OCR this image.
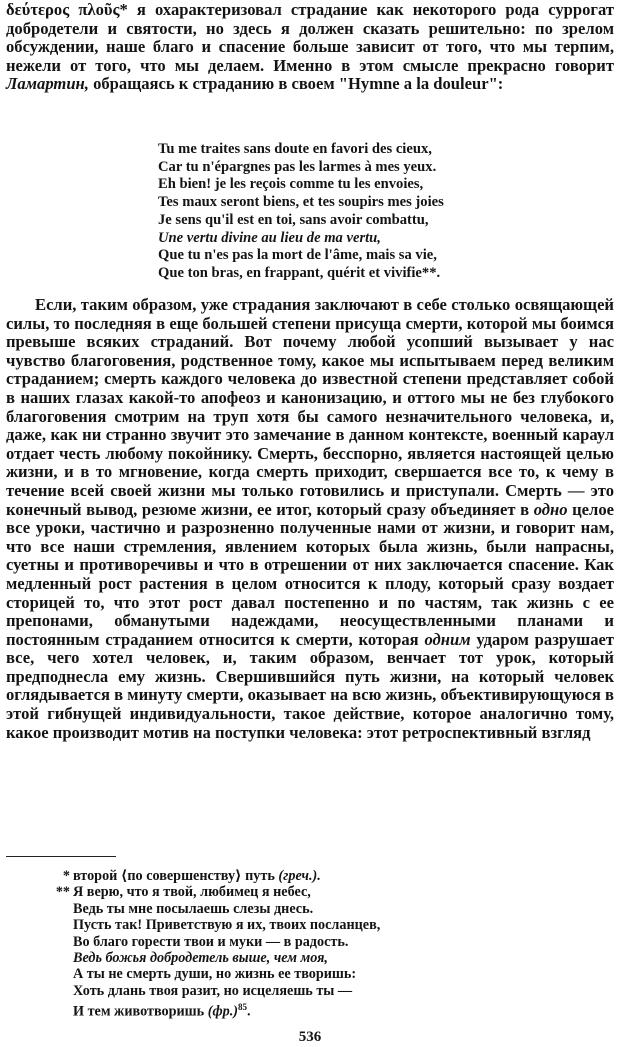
δεύτερος πλοῦς* я охарактеризовал страдание как некоторого рода суррогат добродетели и святости, но здесь я должен сказать решительно: по зрелом обсуждении, наше благо и спасение больше зависит от того, что мы терпим, нежели от того, что мы делаем. Именно в этом смысле прекрасно говорит Ламартин, обращаясь к страданию в своем "Hymne a la douleur":

Tu me traites sans doute en favori des cieux,
Car tu n'épargnes pas les larmes à mes yeux.
Eh bien! je les reçois comme tu les envoies,
Tes maux seront biens, et tes soupirs mes joies
Je sens qu'il est en toi, sans avoir combattu,
Une vertu divine au lieu de ma vertu,
Que tu n'es pas la mort de l'âme, mais sa vie,
Que ton bras, en frappant, quérit et vivifie**.

Если, таким образом, уже страдания заключают в себе столько освящающей силы, то последняя в еще большей степени присуща смерти, которой мы боимся превыше всяких страданий. Вот почему любой усопший вызывает у нас чувство благоговения, родственное тому, какое мы испытываем перед великим страданием; смерть каждого человека до известной степени представляет собой в наших глазах какой-то апофеоз и канонизацию, и оттого мы не без глубокого благоговения смотрим на труп хотя бы самого незначительного человека, и, даже, как ни странно звучит это замечание в данном контексте, военный караул отдает честь любому покойнику. Смерть, бесспорно, является настоящей целью жизни, и в то мгновение, когда смерть приходит, свершается все то, к чему в течение всей своей жизни мы только готовились и приступали. Смерть — это конечный вывод, резюме жизни, ее итог, который сразу объединяет в одно целое все уроки, частично и разрозненно полученные нами от жизни, и говорит нам, что все наши стремления, явлением которых была жизнь, были напрасны, суетны и противоречивы и что в отрешении от них заключается спасение. Как медленный рост растения в целом относится к плоду, который сразу воздает сторицей то, что этот рост давал постепенно и по частям, так жизнь с ее препонами, обманутыми надеждами, неосуществленными планами и постоянным страданием относится к смерти, которая одним ударом разрушает все, чего хотел человек, и, таким образом, венчает тот урок, который предподнесла ему жизнь. Свершившийся путь жизни, на который человек оглядывается в минуту смерти, оказывает на всю жизнь, объективирующуюся в этой гибнущей индивидуальности, такое действие, которое аналогично тому, какое производит мотив на поступки человека: этот ретроспективный взгляд

* второй ⟨по совершенству⟩ путь (греч.).
** Я верю, что я твой, любимец я небес,
Ведь ты мне посылаешь слезы днесь.
Пусть так! Приветствую я их, твоих посланцев,
Во благо горести твои и муки — в радость.
Ведь божья добродетель выше, чем моя,
А ты не смерть души, но жизнь ее творишь:
Хоть длань твоя разит, но исцеляешь ты —
И тем животворишь $(фр.)^{85}$.
536
